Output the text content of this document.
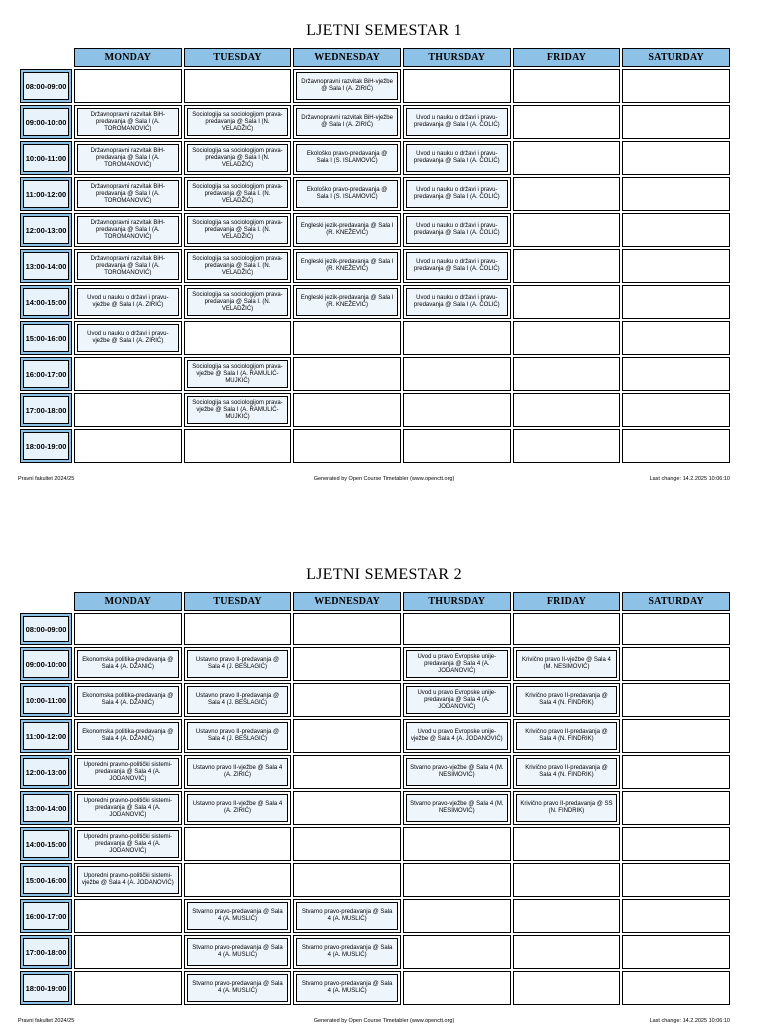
LJETNI SEMESTAR 1
	MONDAY	TUESDAY	WEDNESDAY	THURSDAY	FRIDAY	SATURDAY

08:00-09:00			Državnopravni razvitak BiH-vježbe @ Sala I (A. ZIRIĆ)			

09:00-10:00	Državnopravni razvitak BiH-predavanja @ Sala I (A. TOROMANOVIĆ)	Sociologija sa sociologijom prava-predavanja @ Sala I (N. VELADŽIĆ)	Državnopravni razvitak BiH-vježbe @ Sala I (A. ZIRIĆ)	Uvod u nauku o državi i pravu-predavanja @ Sala I (A. ČOLIĆ)		

10:00-11:00	Državnopravni razvitak BiH-predavanja @ Sala I (A. TOROMANOVIĆ)	Sociologija sa sociologijom prava-predavanja @ Sala I (N. VELADŽIĆ)	Ekološko pravo-predavanja @ Sala I (S. ISLAMOVIĆ)	Uvod u nauku o državi i pravu-predavanja @ Sala I (A. ČOLIĆ)		

11:00-12:00	Državnopravni razvitak BiH-predavanja @ Sala I (A. TOROMANOVIĆ)	Sociologija sa sociologijom prava-predavanja @ Sala I. (N. VELADŽIĆ)	Ekološko pravo-predavanja @ Sala I (S. ISLAMOVIĆ)	Uvod u nauku o državi i pravu-predavanja @ Sala I (A. ČOLIĆ)		

12:00-13:00	Državnopravni razvitak BiH-predavanja @ Sala I (A. TOROMANOVIĆ)	Sociologija sa sociologijom prava-predavanja @ Sala I. (N. VELADŽIĆ)	Engleski jezik-predavanja @ Sala I (R. KNEŽEVIĆ)	Uvod u nauku o državi i pravu-predavanja @ Sala I (A. ČOLIĆ)		

13:00-14:00	Državnopravni razvitak BiH-predavanja @ Sala I (A. TOROMANOVIĆ)	Sociologija sa sociologijom prava-predavanja @ Sala I. (N. VELADŽIĆ)	Engleski jezik-predavanja @ Sala I (R. KNEŽEVIĆ)	Uvod u nauku o državi i pravu-predavanja @ Sala I (A. ČOLIĆ)		

14:00-15:00	Uvod u nauku o državi i pravu-vježbe @ Sala I (A. ZIRIĆ)	Sociologija sa sociologijom prava-predavanja @ Sala I. (N. VELADŽIĆ)	Engleski jezik-predavanja @ Sala I (R. KNEŽEVIĆ)	Uvod u nauku o državi i pravu-predavanja @ Sala I (A. ČOLIĆ)		

15:00-16:00	Uvod u nauku o državi i pravu-vježbe @ Sala I (A. ZIRIĆ)					

16:00-17:00		Sociologija sa sociologijom prava-vježbe @ Sala I (A. RAMULIĆ-MUJKIĆ)				

17:00-18:00		Sociologija sa sociologijom prava-vježbe @ Sala I (A. RAMULIĆ-MUJKIĆ)				

18:00-19:00						

Pravni fakultet 2024/25	Generated by Open Course Timetabler (www.openctt.org)	Last change: 14.2.2025 10:06:10
LJETNI SEMESTAR 2
	MONDAY	TUESDAY	WEDNESDAY	THURSDAY	FRIDAY	SATURDAY

08:00-09:00						

09:00-10:00	Ekonomska politika-predavanja @ Sala 4 (A. DŽANIĆ)	Ustavno pravo II-predavanja @ Sala 4 (J. BEŠLAGIĆ)		Uvod u pravo Evropske unije-predavanja @ Sala 4 (A. JODANOVIĆ)	Krivično pravo II-vježbe @ Sala 4 (M. NESIMOVIĆ)	

10:00-11:00	Ekonomska politika-predavanja @ Sala 4 (A. DŽANIĆ)	Ustavno pravo II-predavanja @ Sala 4 (J. BEŠLAGIĆ)		Uvod u pravo Evropske unije-predavanja @ Sala 4 (A. JODANOVIĆ)	Krivično pravo II-predavanja @ Sala 4 (N. FINDRIK)	

11:00-12:00	Ekonomska politika-predavanja @ Sala 4 (A. DŽANIĆ)	Ustavno pravo II-predavanja @ Sala 4 (J. BEŠLAGIĆ)		Uvod u pravo Evropske unije-vježbe @ Sala 4 (A. JODANOVIĆ)	Krivično pravo II-predavanja @ Sala 4 (N. FINDRIK)	

12:00-13:00	Uporedni pravno-politički sistemi-predavanja @ Sala 4 (A. JODANOVIĆ)	Ustavno pravo II-vježbe @ Sala 4 (A. ZIRIĆ)		Stvarno pravo-vježbe @ Sala 4 (M. NESIMOVIĆ)	Krivično pravo II-predavanja @ Sala 4 (N. FINDRIK)	

13:00-14:00	Uporedni pravno-politički sistemi-predavanja @ Sala 4 (A. JODANOVIĆ)	Ustavno pravo II-vježbe @ Sala 4 (A. ZIRIĆ)		Stvarno pravo-vježbe @ Sala 4 (M. NESIMOVIĆ)	Krivično pravo II-predavanja @ SS (N. FINDRIK)	

14:00-15:00	Uporedni pravno-politički sistemi-predavanja @ Sala 4 (A. JODANOVIĆ)					

15:00-16:00	Uporedni pravno-politički sistemi-vježbe @ Sala 4 (A. JODANOVIĆ)					

16:00-17:00		Stvarno pravo-predavanja @ Sala 4 (A. MUSLIĆ)	Stvarno pravo-predavanja @ Sala 4 (A. MUSLIĆ)			

17:00-18:00		Stvarno pravo-predavanja @ Sala 4 (A. MUSLIĆ)	Stvarno pravo-predavanja @ Sala 4 (A. MUSLIĆ)			

18:00-19:00		Stvarno pravo-predavanja @ Sala 4 (A. MUSLIĆ)	Stvarno pravo-predavanja @ Sala 4 (A. MUSLIĆ)			

Pravni fakultet 2024/25	Generated by Open Course Timetabler (www.openctt.org)	Last change: 14.2.2025 10:06:10
